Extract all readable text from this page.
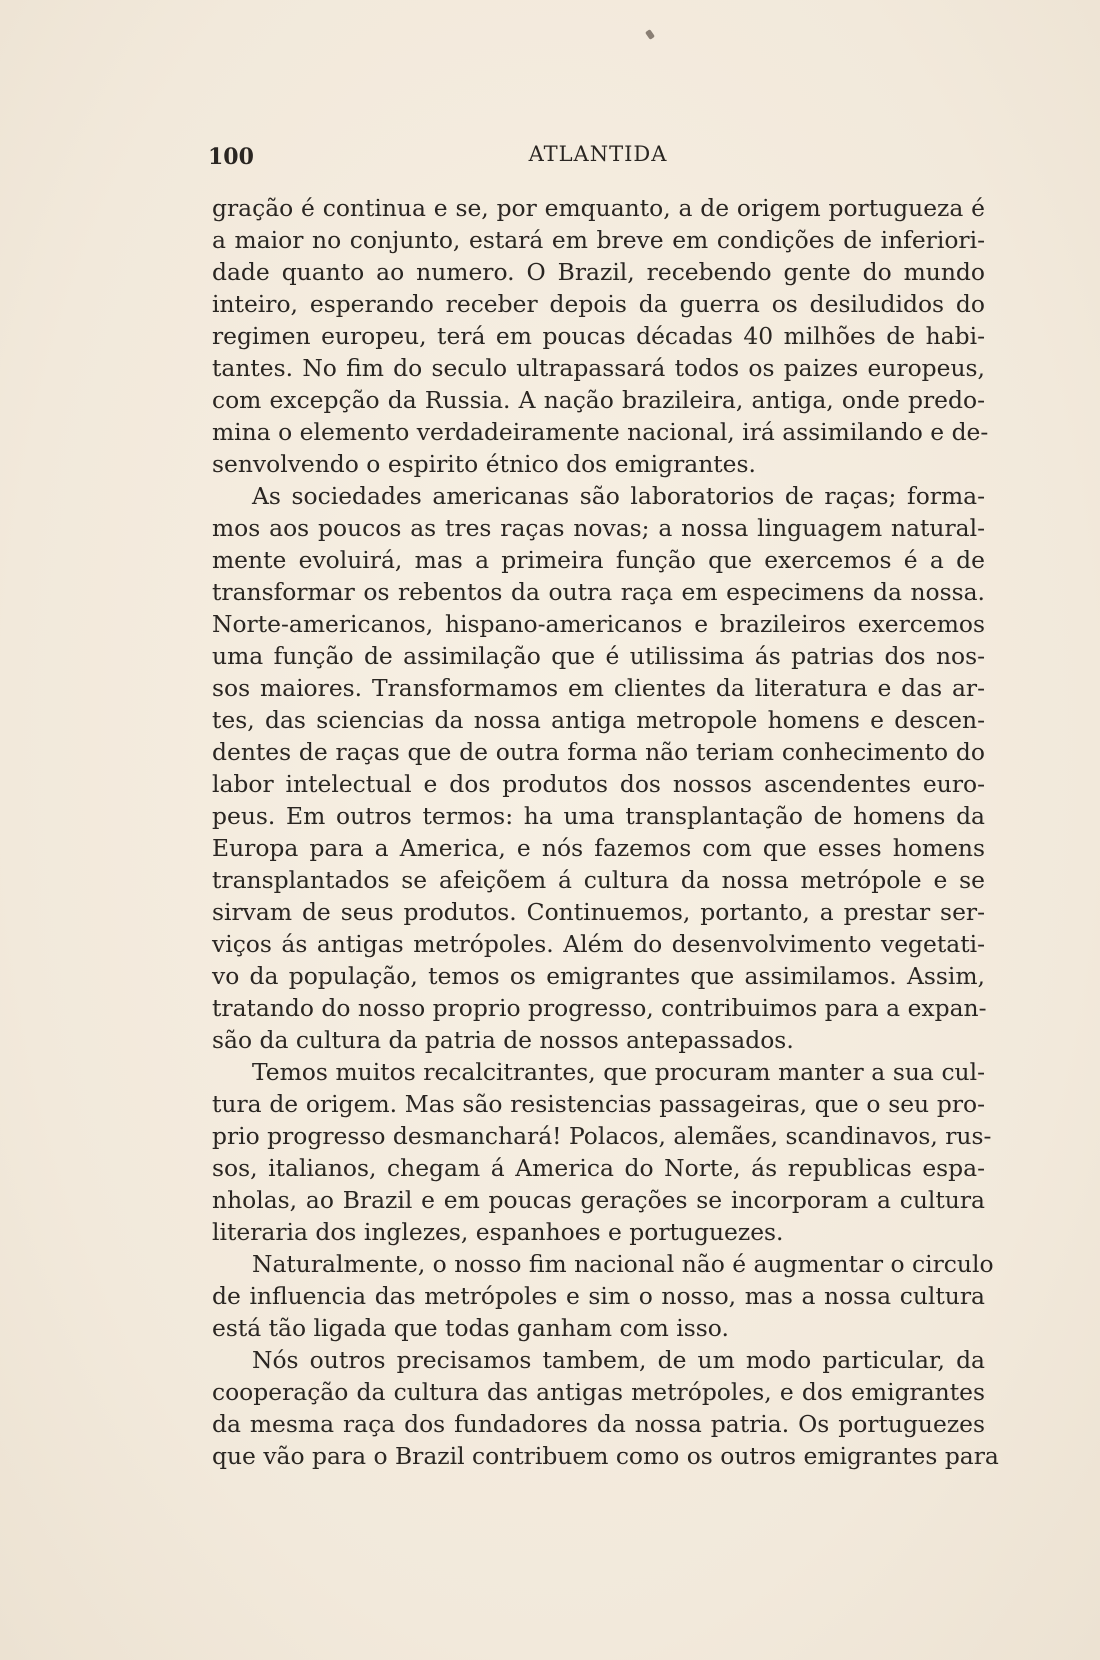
100	ATLANTIDA
gração é continua e se, por emquanto, a de origem portugueza é
a maior no conjunto, estará em breve em condições de inferiori-
dade quanto ao numero. O Brazil, recebendo gente do mundo
inteiro, esperando receber depois da guerra os desiludidos do
regimen europeu, terá em poucas décadas 40 milhões de habi-
tantes. No fim do seculo ultrapassará todos os paizes europeus,
com excepção da Russia. A nação brazileira, antiga, onde predo-
mina o elemento verdadeiramente nacional, irá assimilando e de-
senvolvendo o espirito étnico dos emigrantes.
As sociedades americanas são laboratorios de raças; forma-
mos aos poucos as tres raças novas; a nossa linguagem natural-
mente evoluirá, mas a primeira função que exercemos é a de
transformar os rebentos da outra raça em especimens da nossa.
Norte-americanos, hispano-americanos e brazileiros exercemos
uma função de assimilação que é utilissima ás patrias dos nos-
sos maiores. Transformamos em clientes da literatura e das ar-
tes, das sciencias da nossa antiga metropole homens e descen-
dentes de raças que de outra forma não teriam conhecimento do
labor intelectual e dos produtos dos nossos ascendentes euro-
peus. Em outros termos: ha uma transplantação de homens da
Europa para a America, e nós fazemos com que esses homens
transplantados se afeiçõem á cultura da nossa metrópole e se
sirvam de seus produtos. Continuemos, portanto, a prestar ser-
viços ás antigas metrópoles. Além do desenvolvimento vegetati-
vo da população, temos os emigrantes que assimilamos. Assim,
tratando do nosso proprio progresso, contribuimos para a expan-
são da cultura da patria de nossos antepassados.
Temos muitos recalcitrantes, que procuram manter a sua cul-
tura de origem. Mas são resistencias passageiras, que o seu pro-
prio progresso desmanchará! Polacos, alemães, scandinavos, rus-
sos, italianos, chegam á America do Norte, ás republicas espa-
nholas, ao Brazil e em poucas gerações se incorporam a cultura
literaria dos inglezes, espanhoes e portuguezes.
Naturalmente, o nosso fim nacional não é augmentar o circulo
de influencia das metrópoles e sim o nosso, mas a nossa cultura
está tão ligada que todas ganham com isso.
Nós outros precisamos tambem, de um modo particular, da
cooperação da cultura das antigas metrópoles, e dos emigrantes
da mesma raça dos fundadores da nossa patria. Os portuguezes
que vão para o Brazil contribuem como os outros emigrantes para
